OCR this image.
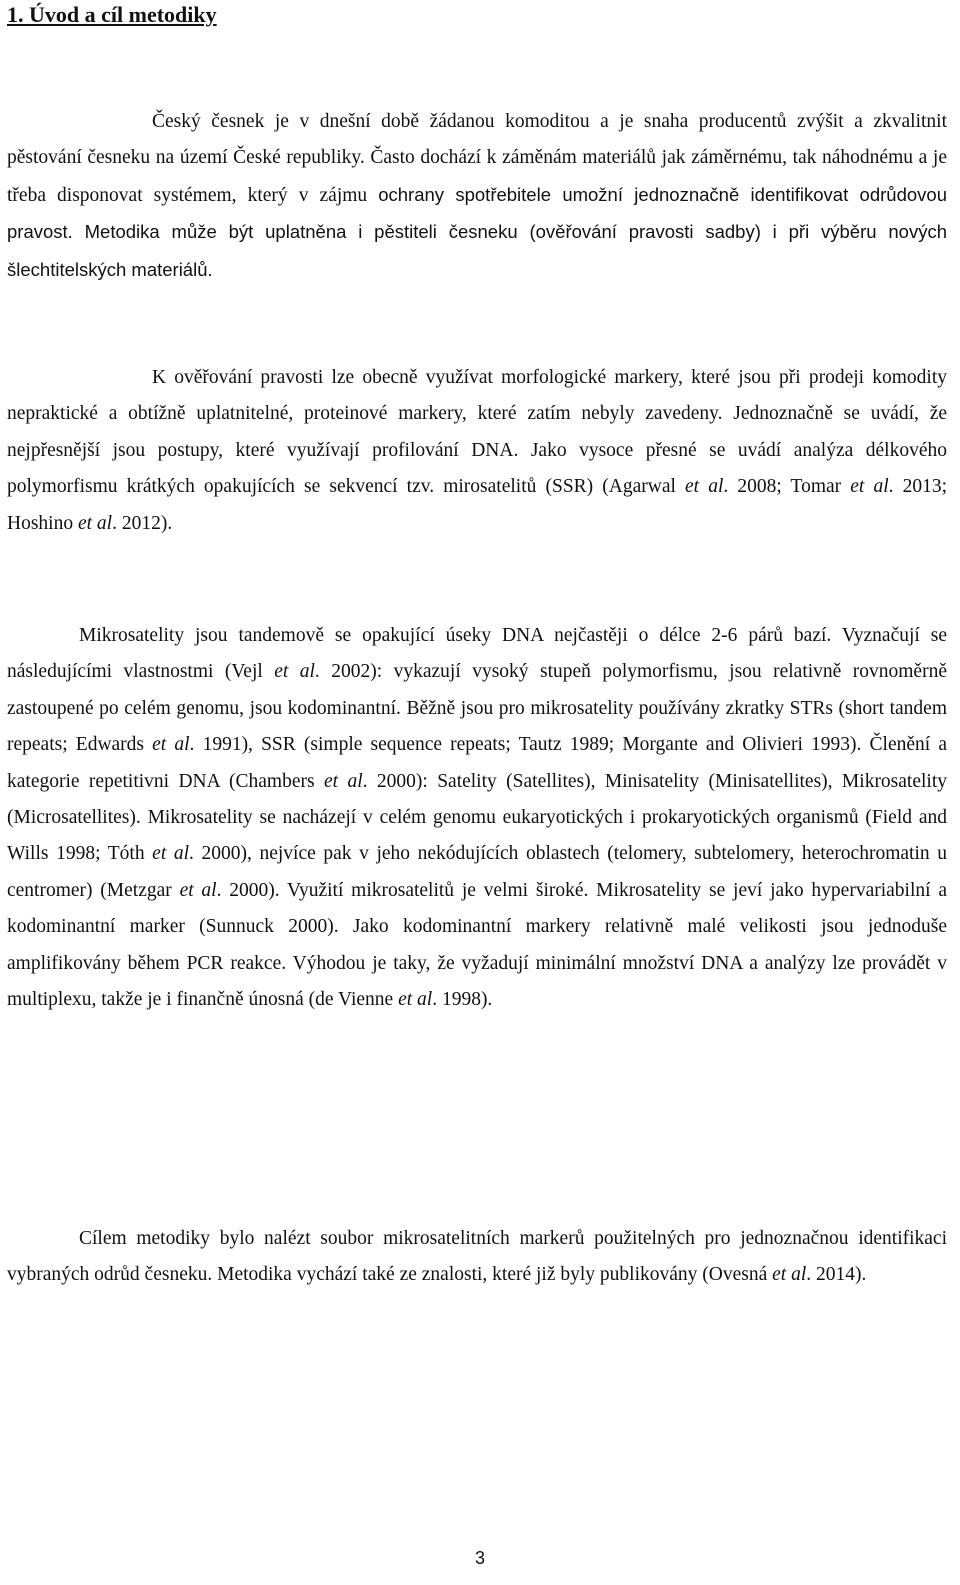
1. Úvod a cíl metodiky

Český česnek je v dnešní době žádanou komoditou a je snaha producentů zvýšit a zkvalitnit pěstování česneku na území České republiky. Často dochází k záměnám materiálů jak záměrnému, tak náhodnému a je třeba disponovat systémem, který v zájmu ochrany spotřebitele umožní jednoznačně identifikovat odrůdovou pravost. Metodika může být uplatněna i pěstiteli česneku (ověřování pravosti sadby) i při výběru nových šlechtitelských materiálů.

K ověřování pravosti lze obecně využívat morfologické markery, které jsou při prodeji komodity nepraktické a obtížně uplatnitelné, proteinové markery, které zatím nebyly zavedeny. Jednoznačně se uvádí, že nejpřesnější jsou postupy, které využívají profilování DNA. Jako vysoce přesné se uvádí analýza délkového polymorfismu krátkých opakujících se sekvencí tzv. mirosatelitů (SSR) (Agarwal et al. 2008; Tomar et al. 2013; Hoshino et al. 2012).

Mikrosatelity jsou tandemově se opakující úseky DNA nejčastěji o délce 2-6 párů bazí. Vyznačují se následujícími vlastnostmi (Vejl et al. 2002): vykazují vysoký stupeň polymorfismu, jsou relativně rovnoměrně zastoupené po celém genomu, jsou kodominantní. Běžně jsou pro mikrosatelity používány zkratky STRs (short tandem repeats; Edwards et al. 1991), SSR (simple sequence repeats; Tautz 1989; Morgante and Olivieri 1993). Členění a kategorie repetitivni DNA (Chambers et al. 2000): Satelity (Satellites), Minisatelity (Minisatellites), Mikrosatelity (Microsatellites). Mikrosatelity se nacházejí v celém genomu eukaryotických i prokaryotických organismů (Field and Wills 1998; Tóth et al. 2000), nejvíce pak v jeho nekódujících oblastech (telomery, subtelomery, heterochromatin u centromer) (Metzgar et al. 2000). Využití mikrosatelitů je velmi široké. Mikrosatelity se jeví jako hypervariabilní a kodominantní marker (Sunnuck 2000). Jako kodominantní markery relativně malé velikosti jsou jednoduše amplifikovány během PCR reakce. Výhodou je taky, že vyžadují minimální množství DNA a analýzy lze provádět v multiplexu, takže je i finančně únosná (de Vienne et al. 1998).

Cílem metodiky bylo nalézt soubor mikrosatelitních markerů použitelných pro jednoznačnou identifikaci vybraných odrůd česneku. Metodika vychází také ze znalosti, které již byly publikovány (Ovesná et al. 2014).

3
